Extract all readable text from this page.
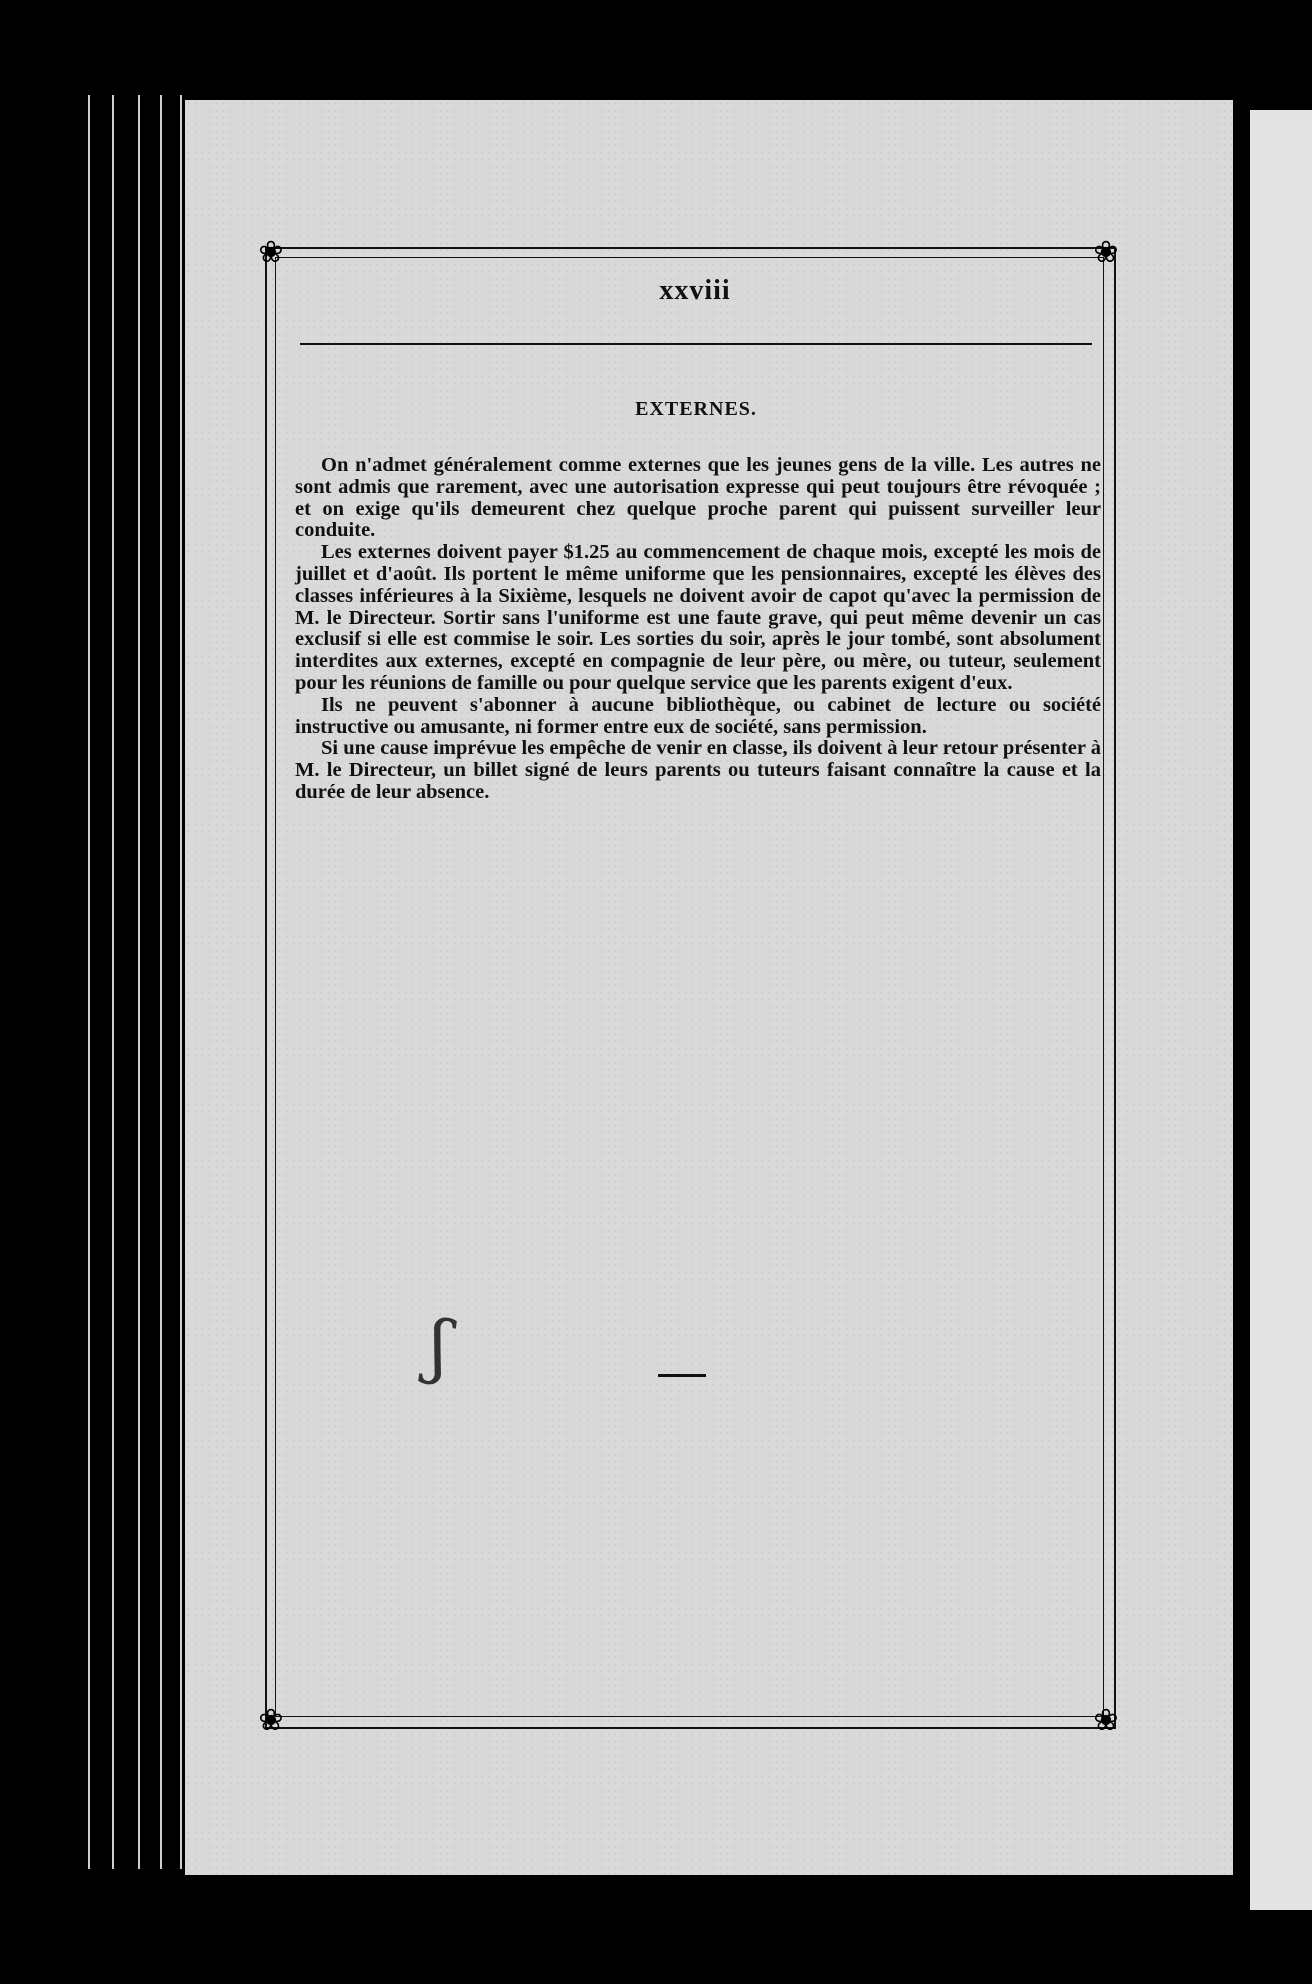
❀	❀
❀	❀
xxviii
EXTERNES.

On n'admet généralement comme externes que les jeunes gens de la ville. Les autres ne sont admis que rarement, avec une autorisation expresse qui peut toujours être révoquée ; et on exige qu'ils demeurent chez quelque proche parent qui puissent surveiller leur conduite.

Les externes doivent payer $1.25 au commencement de chaque mois, excepté les mois de juillet et d'août. Ils portent le même uniforme que les pensionnaires, excepté les élèves des classes inférieures à la Sixième, lesquels ne doivent avoir de capot qu'avec la permission de M. le Directeur. Sortir sans l'uniforme est une faute grave, qui peut même devenir un cas exclusif si elle est commise le soir. Les sorties du soir, après le jour tombé, sont absolument interdites aux externes, excepté en compagnie de leur père, ou mère, ou tuteur, seulement pour les réunions de famille ou pour quelque service que les parents exigent d'eux.

Ils ne peuvent s'abonner à aucune bibliothèque, ou cabinet de lecture ou société instructive ou amusante, ni former entre eux de société, sans permission.

Si une cause imprévue les empêche de venir en classe, ils doivent à leur retour présenter à M. le Directeur, un billet signé de leurs parents ou tuteurs faisant connaître la cause et la durée de leur absence.

ʃ
